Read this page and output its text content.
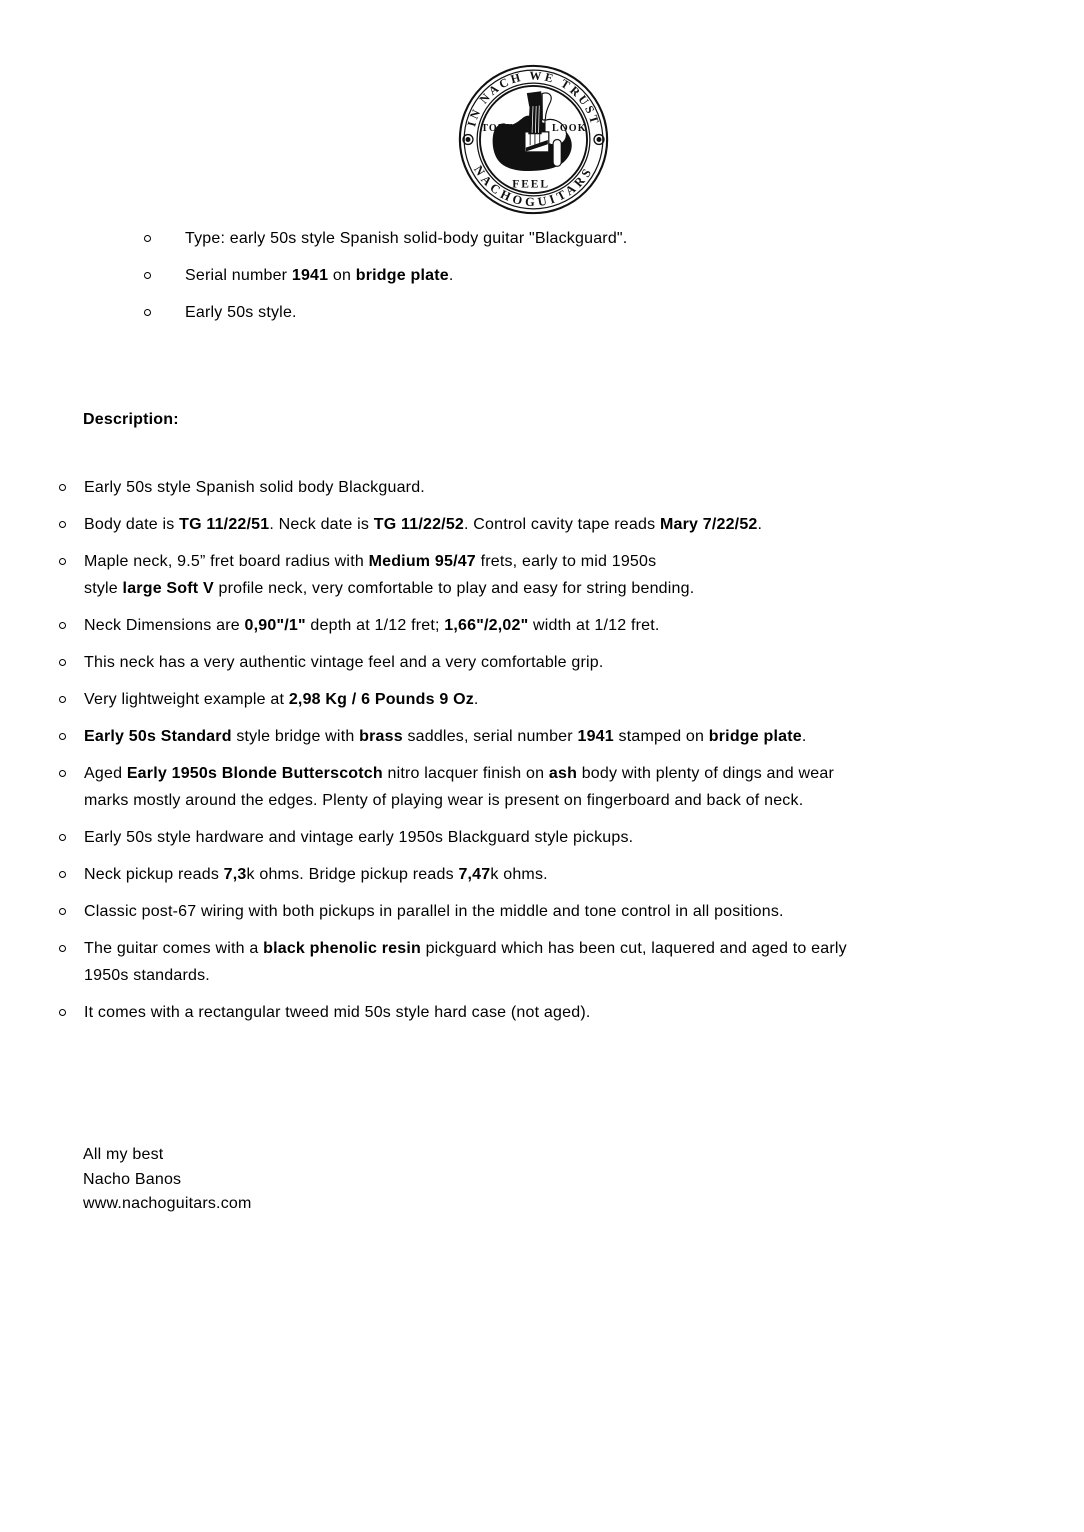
IN NACH WE TRUST
NACHOGUITARS
TONE	LOOK
FEEL
Type: early 50s style Spanish solid-body guitar "Blackguard".
Serial number 1941 on bridge plate.
Early 50s style.
Description:
Early 50s style Spanish solid body Blackguard.
Body date is TG 11/22/51. Neck date is TG 11/22/52. Control cavity tape reads Mary 7/22/52.
Maple neck, 9.5” fret board radius with Medium 95/47 frets, early to mid 1950s
style large Soft V profile neck, very comfortable to play and easy for string bending.
Neck Dimensions are 0,90"/1" depth at 1/12 fret; 1,66"/2,02" width at 1/12 fret.
This neck has a very authentic vintage feel and a very comfortable grip.
Very lightweight example at 2,98 Kg / 6 Pounds 9 Oz.
Early 50s Standard style bridge with brass saddles, serial number 1941 stamped on bridge plate.
Aged Early 1950s Blonde Butterscotch nitro lacquer finish on ash body with plenty of dings and wear
marks mostly around the edges. Plenty of playing wear is present on fingerboard and back of neck.
Early 50s style hardware and vintage early 1950s Blackguard style pickups.
Neck pickup reads 7,3k ohms. Bridge pickup reads 7,47k ohms.
Classic post-67 wiring with both pickups in parallel in the middle and tone control in all positions.
The guitar comes with a black phenolic resin pickguard which has been cut, laquered and aged to early
1950s standards.
It comes with a rectangular tweed mid 50s style hard case (not aged).
All my best
Nacho Banos
www.nachoguitars.com
